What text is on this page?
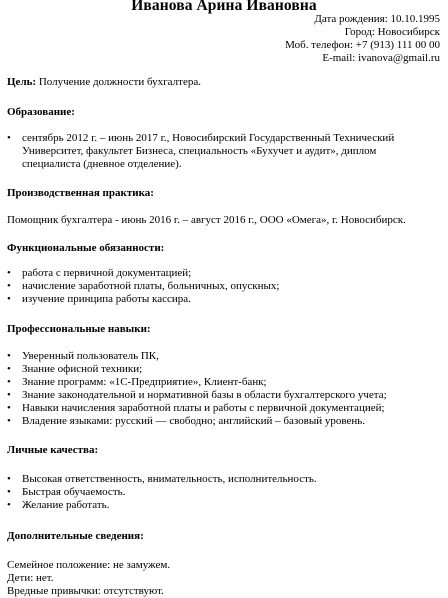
Иванова Арина Ивановна
Дата рождения: 10.10.1995
Город: Новосибирск
Моб. телефон: +7 (913) 111 00 00
E-mail: ivanova@gmail.ru
Цель: Получение должности бухгалтера.
Образование:
•	сентябрь 2012 г. – июнь 2017 г., Новосибирский Государственный Технический Университет, факультет Бизнеса, специальность «Бухучет и аудит», диплом специалиста (дневное отделение).
Производственная практика:
Помощник бухгалтера - июнь 2016 г. – август 2016 г., ООО «Омега», г. Новосибирск.
Функциональные обязанности:
•	работа с первичной документацией;
•	начисление заработной платы, больничных, опускных;
•	изучение принципа работы кассира.
Профессиональные навыки:
•	Уверенный пользователь ПК,
•	Знание офисной техники;
•	Знание программ: «1С-Предприятие», Клиент-банк;
•	Знание законодательной и нормативной базы в области бухгалтерского учета;
•	Навыки начисления заработной платы и работы с первичной документацией;
•	Владение языками: русский — свободно; английский – базовый уровень.
Личные качества:
•	Высокая ответственность, внимательность, исполнительность.
•	Быстрая обучаемость.
•	Желание работать.
Дополнительные сведения:
Семейное положение: не замужем.
Дети: нет.
Вредные привычки: отсутствуют.
